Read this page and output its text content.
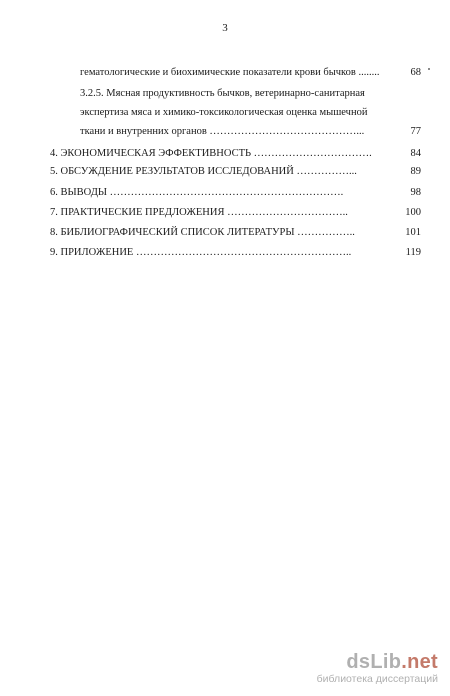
3
гематологические и биохимические показатели крови бычков ........	68
3.2.5. Мясная продуктивность бычков, ветеринарно-санитарная
экспертиза мяса и химико-токсикологическая оценка мышечной
ткани и внутренних органов ……………………………………...	77
4. ЭКОНОМИЧЕСКАЯ ЭФФЕКТИВНОСТЬ …………………………….	84
5. ОБСУЖДЕНИЕ РЕЗУЛЬТАТОВ ИССЛЕДОВАНИЙ ……………...	89
6. ВЫВОДЫ ………………………………………………………….	98
7. ПРАКТИЧЕСКИЕ ПРЕДЛОЖЕНИЯ ……………………………..	100
8. БИБЛИОГРАФИЧЕСКИЙ СПИСОК ЛИТЕРАТУРЫ ……………..	101
9. ПРИЛОЖЕНИЕ ……………………………………………………..	119
dsLib.net
библиотека диссертаций
